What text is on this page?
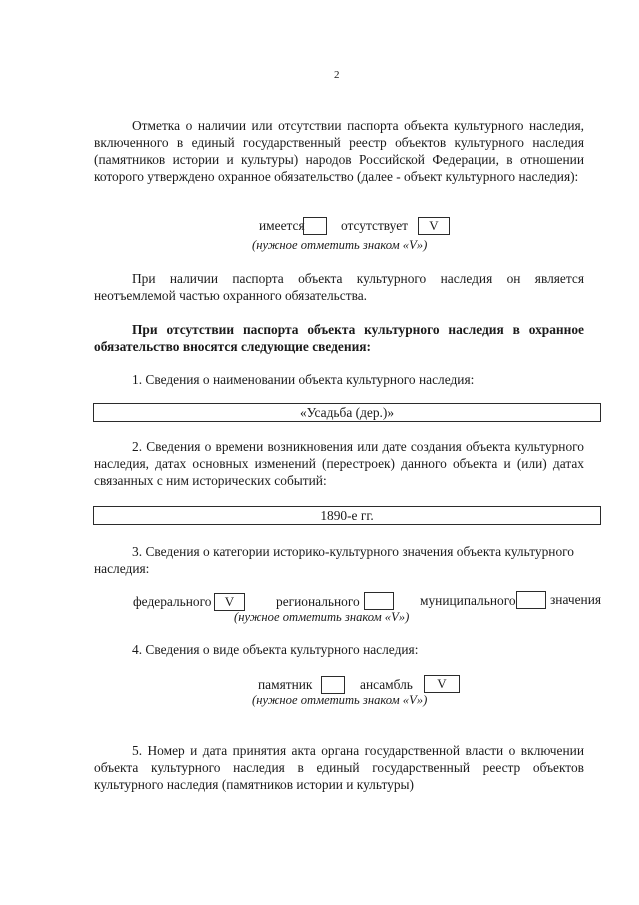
2
Отметка о наличии или отсутствии паспорта объекта культурного наследия, включенного в единый государственный реестр объектов культурного наследия (памятников истории и культуры) народов Российской Федерации, в отношении которого утверждено охранное обязательство (далее - объект культурного наследия):
имеется	отсутствует	V
(нужное отметить знаком «V»)
При наличии паспорта объекта культурного наследия он является неотъемлемой частью охранного обязательства.
При отсутствии паспорта объекта культурного наследия в охранное обязательство вносятся следующие сведения:
1. Сведения о наименовании объекта культурного наследия:
«Усадьба (дер.)»
2. Сведения о времени возникновения или дате создания объекта культурного наследия, датах основных изменений (перестроек) данного объекта и (или) датах связанных с ним исторических событий:
1890-е гг.
3. Сведения о категории историко-культурного значения объекта культурного наследия:
федерального	V	регионального	муниципального	значения
(нужное отметить знаком «V»)
4. Сведения о виде объекта культурного наследия:
памятник	ансамбль	V
(нужное отметить знаком «V»)
5. Номер и дата принятия акта органа государственной власти о включении объекта культурного наследия в единый государственный реестр объектов культурного наследия (памятников истории и культуры)
